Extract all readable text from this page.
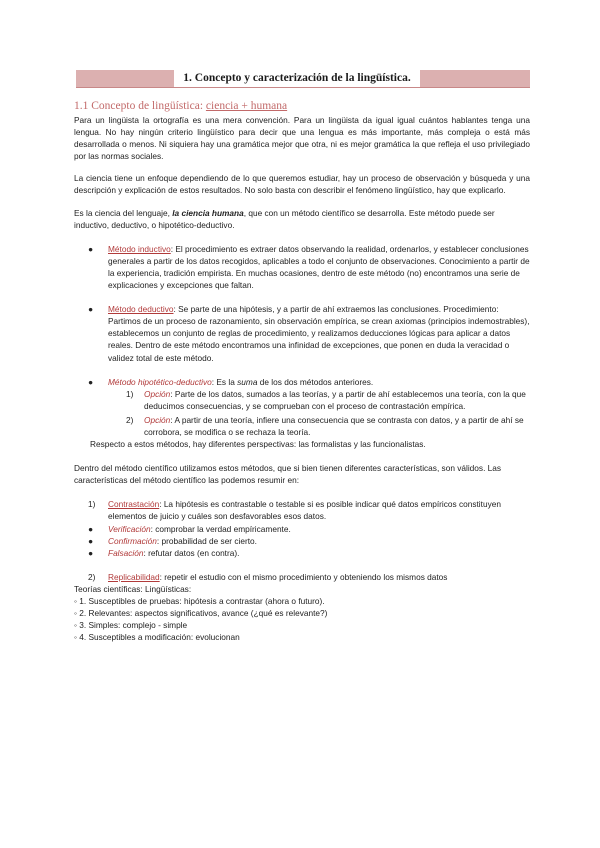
1. Concepto y caracterización de la lingüística.
1.1 Concepto de lingüística: ciencia + humana

Para un lingüista la ortografía es una mera convención. Para un lingüista da igual igual cuántos hablantes tenga una lengua. No hay ningún criterio lingüístico para decir que una lengua es más importante, más compleja o está más desarrollada o menos. Ni siquiera hay una gramática mejor que otra, ni es mejor gramática la que refleja el uso privilegiado por las normas sociales.

La ciencia tiene un enfoque dependiendo de lo que queremos estudiar, hay un proceso de observación y búsqueda y una descripción y explicación de estos resultados. No solo basta con describir el fenómeno lingüístico, hay que explicarlo.

Es la ciencia del lenguaje, la ciencia humana, que con un método científico se desarrolla. Este método puede ser inductivo, deductivo, o hipotético-deductivo.

● Método inductivo: El procedimiento es extraer datos observando la realidad, ordenarlos, y establecer conclusiones generales a partir de los datos recogidos, aplicables a todo el conjunto de observaciones. Conocimiento a partir de la experiencia, tradición empirista. En muchas ocasiones, dentro de este método (no) encontramos una serie de explicaciones y excepciones que faltan.
● Método deductivo: Se parte de una hipótesis, y a partir de ahí extraemos las conclusiones. Procedimiento: Partimos de un proceso de razonamiento, sin observación empírica, se crean axiomas (principios indemostrables), establecemos un conjunto de reglas de procedimiento, y realizamos deducciones lógicas para aplicar a datos reales. Dentro de este método encontramos una infinidad de excepciones, que ponen en duda la veracidad o validez total de este método.
● Método hipotético-deductivo: Es la suma de los dos métodos anteriores.
1) Opción: Parte de los datos, sumados a las teorías, y a partir de ahí establecemos una teoría, con la que deducimos consecuencias, y se comprueban con el proceso de contrastación empírica.
2) Opción: A partir de una teoría, infiere una consecuencia que se contrasta con datos, y a partir de ahí se corrobora, se modifica o se rechaza la teoría.

Respecto a estos métodos, hay diferentes perspectivas: las formalistas y las funcionalistas.

Dentro del método científico utilizamos estos métodos, que si bien tienen diferentes características, son válidos. Las características del método científico las podemos resumir en:

1) Contrastación: La hipótesis es contrastable o testable si es posible indicar qué datos empíricos constituyen elementos de juicio y cuáles son desfavorables esos datos.
● Verificación: comprobar la verdad empíricamente.
● Confirmación: probabilidad de ser cierto.
● Falsación: refutar datos (en contra).
2) Replicabilidad: repetir el estudio con el mismo procedimiento y obteniendo los mismos datos

Teorías científicas: Lingüísticas:

◦ 1. Susceptibles de pruebas: hipótesis a contrastar (ahora o futuro).

◦ 2. Relevantes: aspectos significativos, avance (¿qué es relevante?)

◦ 3. Simples: complejo - simple

◦ 4. Susceptibles a modificación: evolucionan
